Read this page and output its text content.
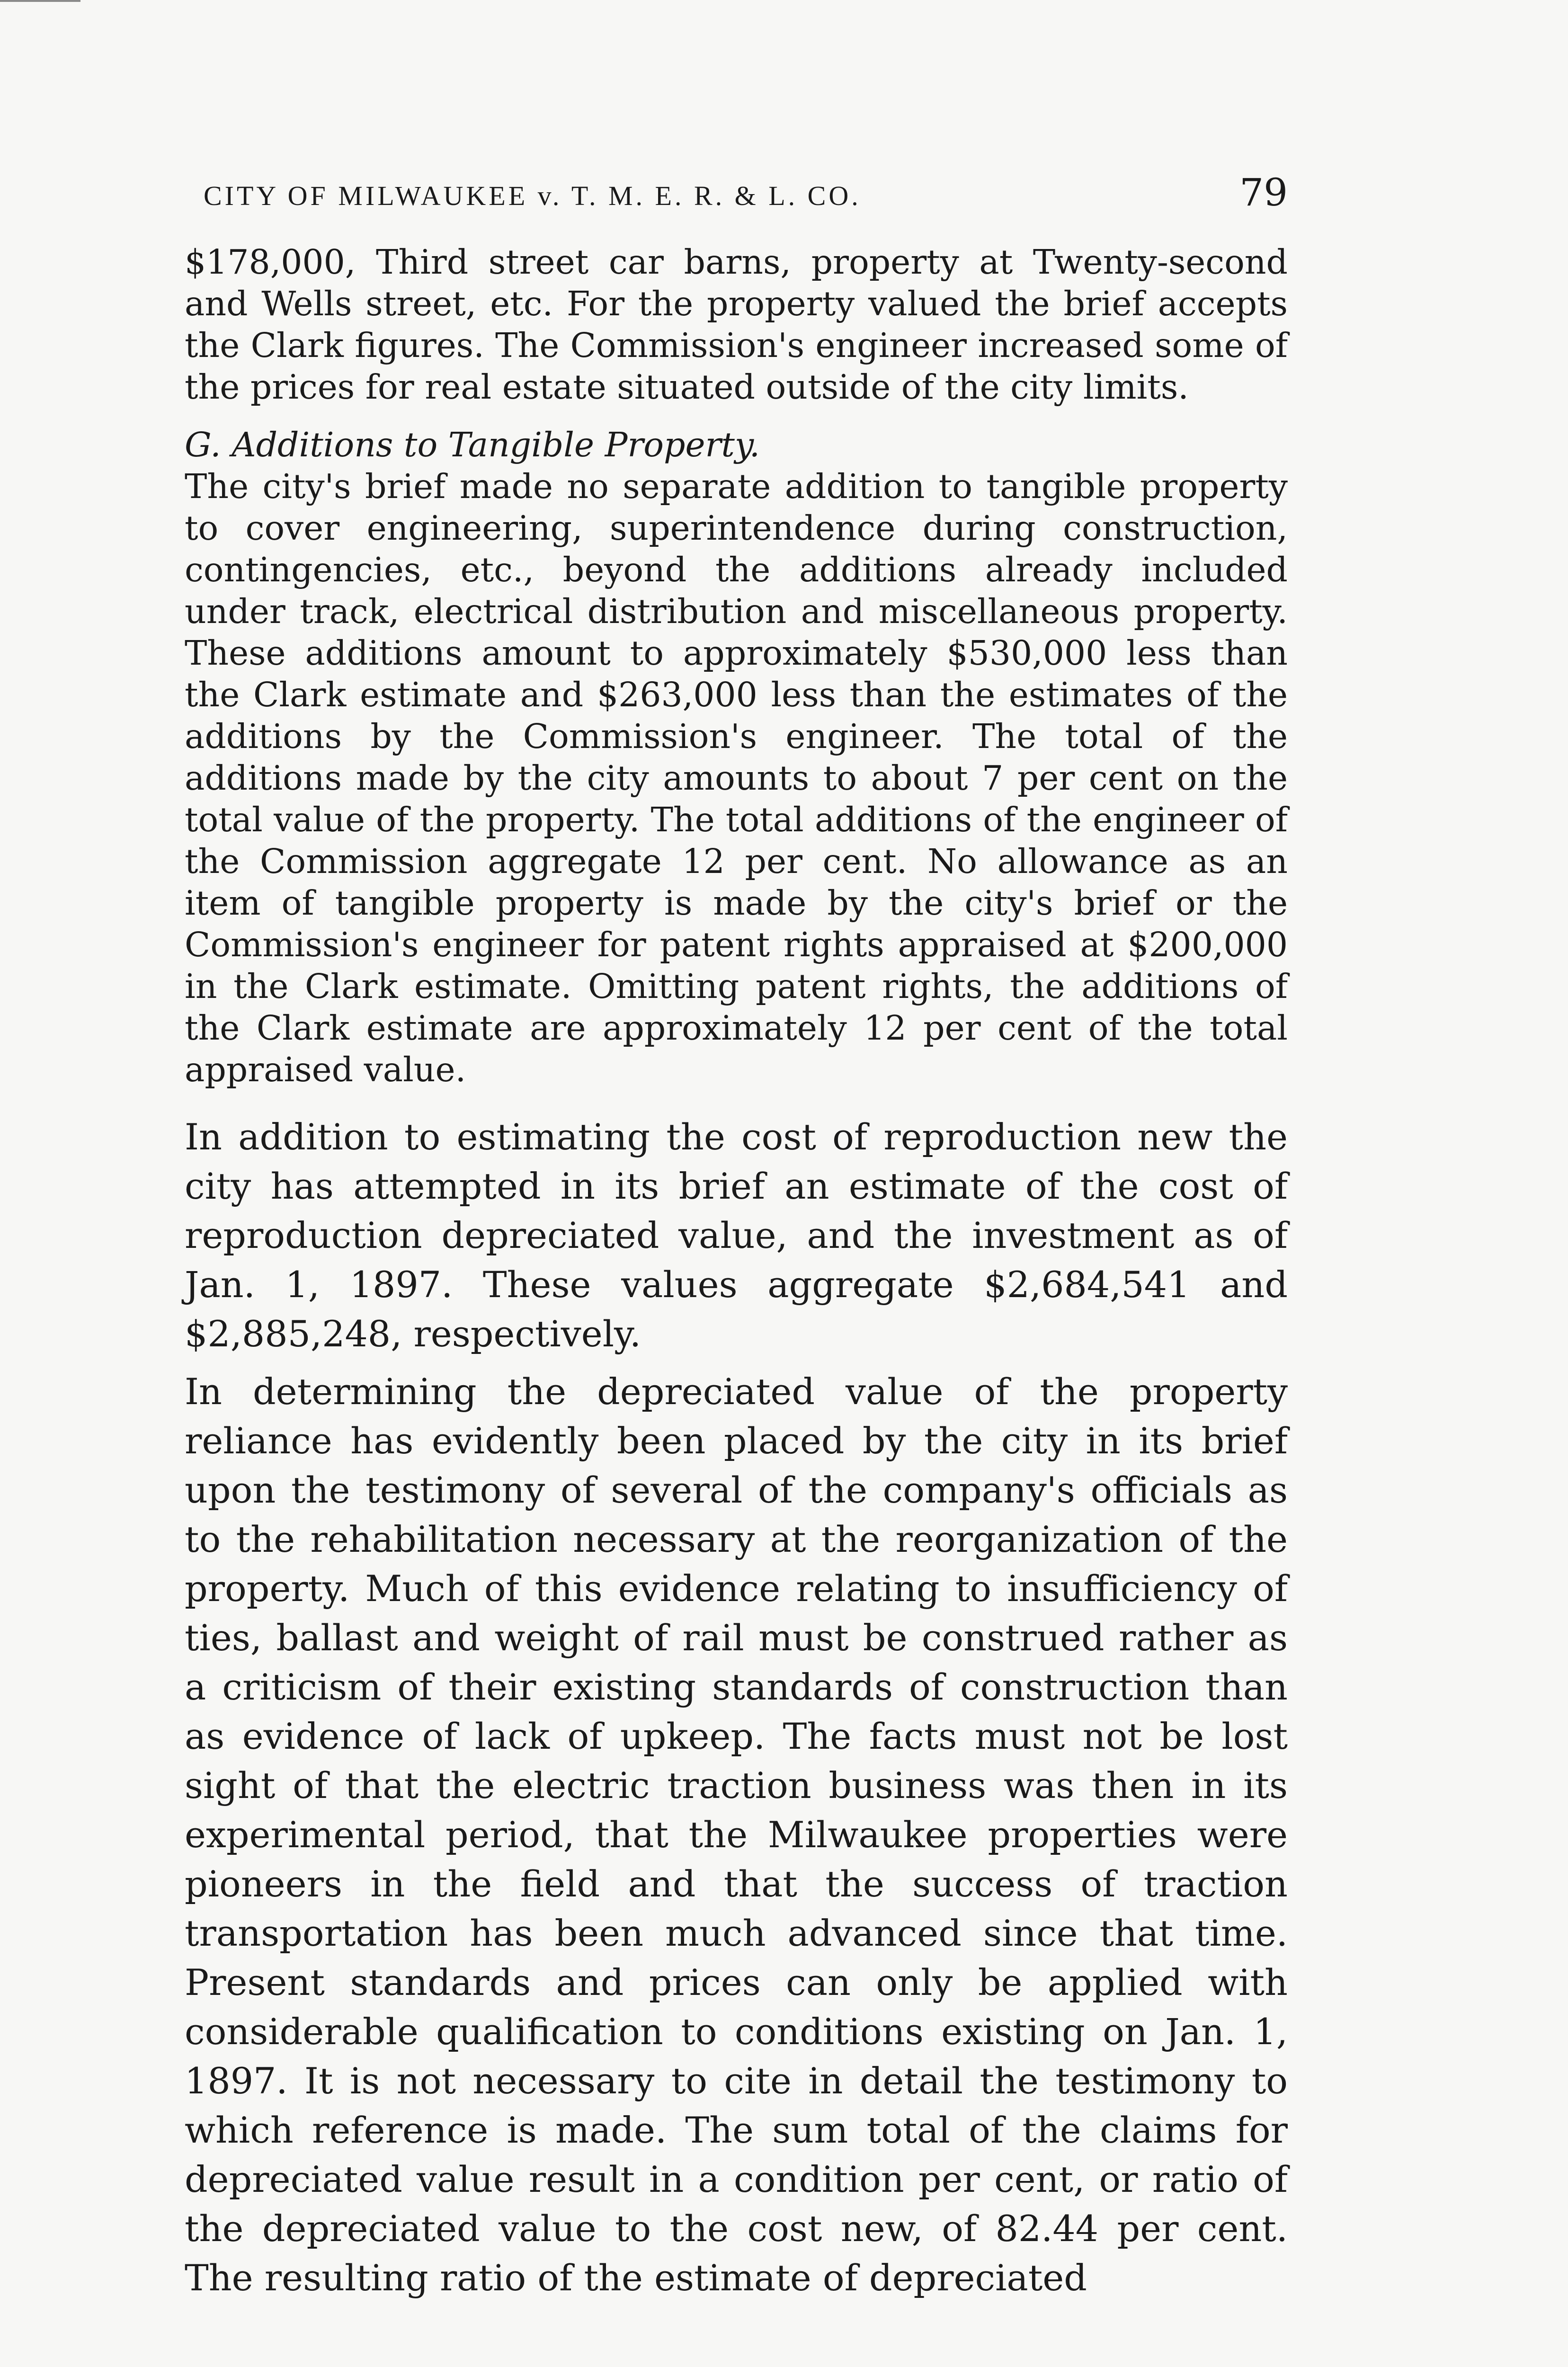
CITY OF MILWAUKEE v. T. M. E. R. & L. CO.	79

$178,000, Third street car barns, property at Twenty-second and Wells street, etc. For the property valued the brief accepts the Clark figures. The Commission's engineer increased some of the prices for real estate situated outside of the city limits.

G. Additions to Tangible Property.

The city's brief made no separate addition to tangible property to cover engineering, superintendence during construction, contingencies, etc., beyond the additions already included under track, electrical distribution and miscellaneous property. These additions amount to approximately $530,000 less than the Clark estimate and $263,000 less than the estimates of the additions by the Commission's engineer. The total of the additions made by the city amounts to about 7 per cent on the total value of the property. The total additions of the engineer of the Commission aggregate 12 per cent. No allowance as an item of tangible property is made by the city's brief or the Commission's engineer for patent rights appraised at $200,000 in the Clark estimate. Omitting patent rights, the additions of the Clark estimate are approximately 12 per cent of the total appraised value.

In addition to estimating the cost of reproduction new the city has attempted in its brief an estimate of the cost of reproduction depreciated value, and the investment as of Jan. 1, 1897. These values aggregate $2,684,541 and $2,885,248, respectively.

In determining the depreciated value of the property reliance has evidently been placed by the city in its brief upon the testimony of several of the company's officials as to the rehabilitation necessary at the reorganization of the property. Much of this evidence relating to insufficiency of ties, ballast and weight of rail must be construed rather as a criticism of their existing standards of construction than as evidence of lack of upkeep. The facts must not be lost sight of that the electric traction business was then in its experimental period, that the Milwaukee properties were pioneers in the field and that the success of traction transportation has been much advanced since that time. Present standards and prices can only be applied with considerable qualification to conditions existing on Jan. 1, 1897. It is not necessary to cite in detail the testimony to which reference is made. The sum total of the claims for depreciated value result in a condition per cent, or ratio of the depreciated value to the cost new, of 82.44 per cent. The resulting ratio of the estimate of depreciated
